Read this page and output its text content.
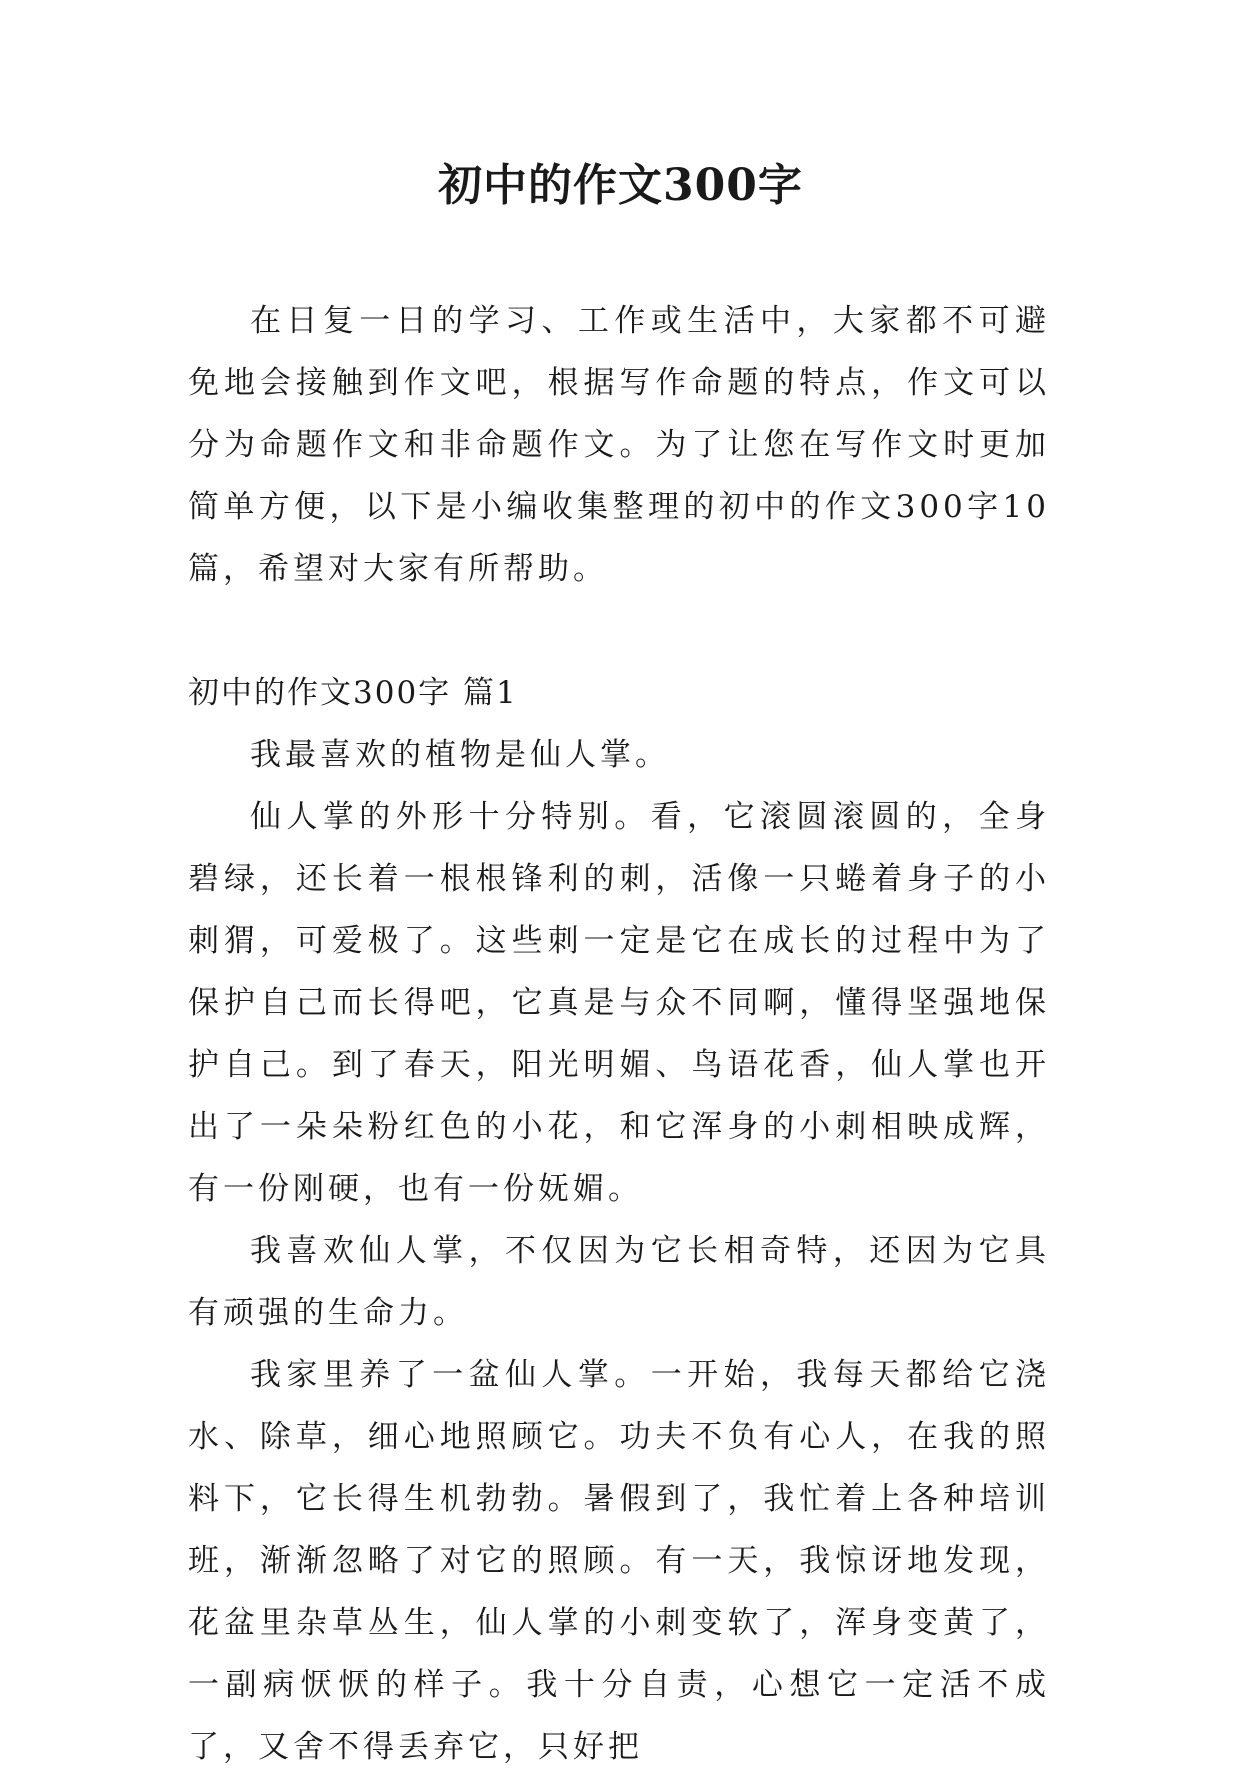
初中的作文300字

在日复一日的学习、工作或生活中，大家都不可避免地会接触到作文吧，根据写作命题的特点，作文可以分为命题作文和非命题作文。为了让您在写作文时更加简单方便，以下是小编收集整理的初中的作文300字10篇，希望对大家有所帮助。

初中的作文300字 篇1

我最喜欢的植物是仙人掌。

仙人掌的外形十分特别。看，它滚圆滚圆的，全身碧绿，还长着一根根锋利的刺，活像一只蜷着身子的小刺猬，可爱极了。这些刺一定是它在成长的过程中为了保护自己而长得吧，它真是与众不同啊，懂得坚强地保护自己。到了春天，阳光明媚、鸟语花香，仙人掌也开出了一朵朵粉红色的小花，和它浑身的小刺相映成辉，有一份刚硬，也有一份妩媚。

我喜欢仙人掌，不仅因为它长相奇特，还因为它具有顽强的生命力。

我家里养了一盆仙人掌。一开始，我每天都给它浇水、除草，细心地照顾它。功夫不负有心人，在我的照料下，它长得生机勃勃。暑假到了，我忙着上各种培训班，渐渐忽略了对它的照顾。有一天，我惊讶地发现，花盆里杂草丛生，仙人掌的小刺变软了，浑身变黄了，一副病恹恹的样子。我十分自责，心想它一定活不成了，又舍不得丢弃它，只好把
